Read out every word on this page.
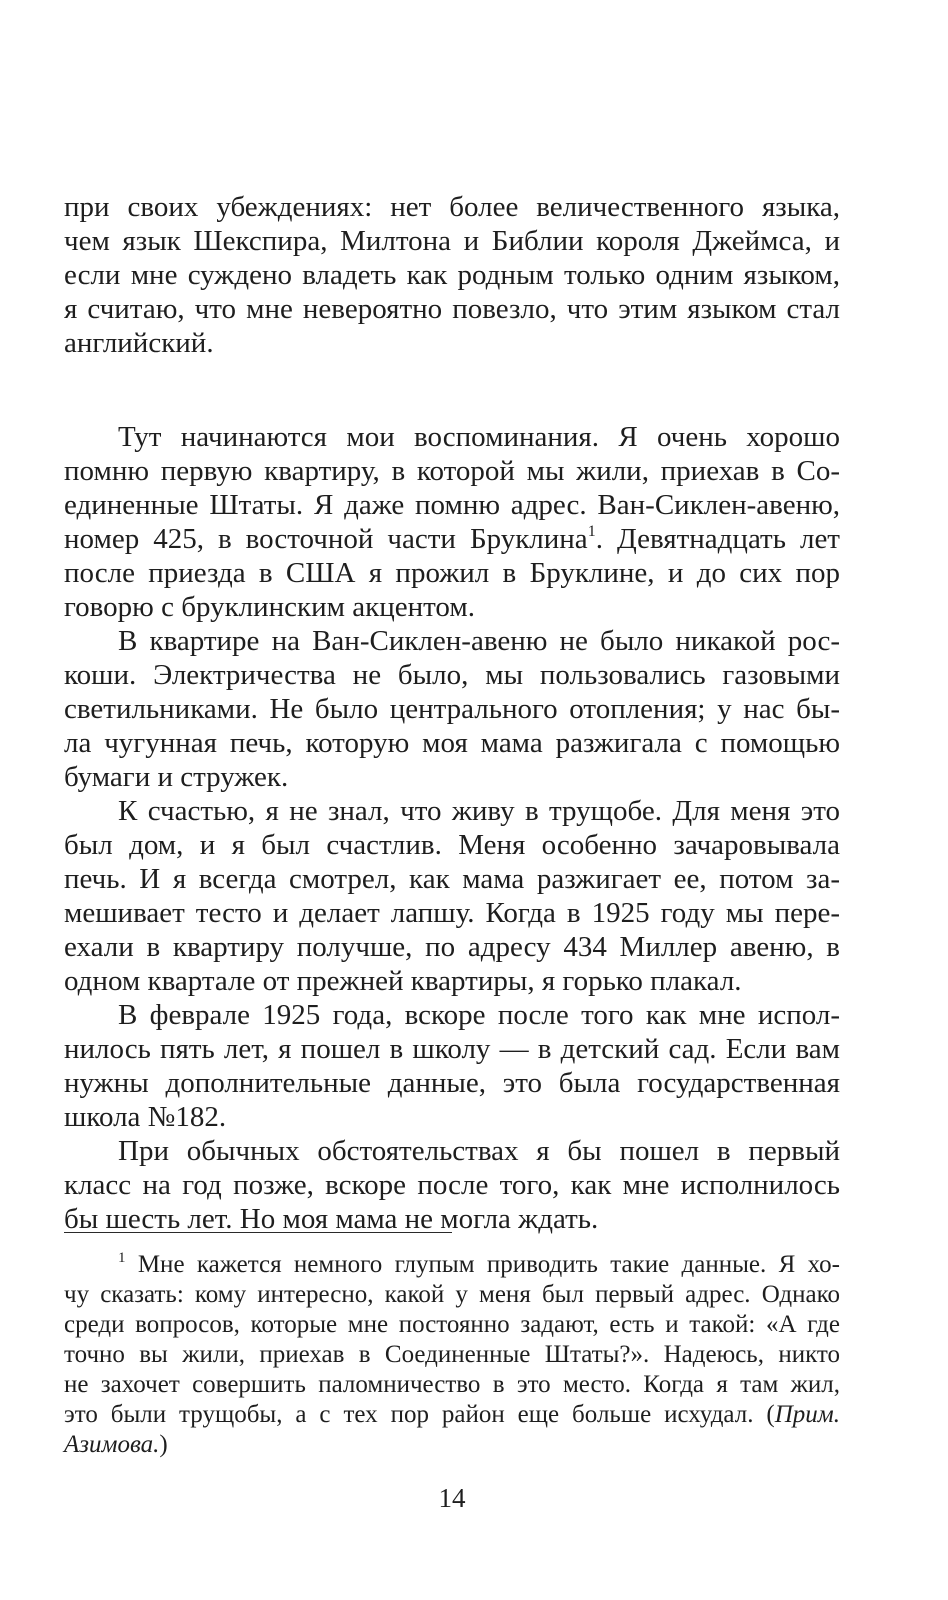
при своих убеждениях: нет более величественного языка,
чем язык Шекспира, Милтона и Библии короля Джеймса, и
если мне суждено владеть как родным только одним языком,
я считаю, что мне невероятно повезло, что этим языком стал
английский.
Тут начинаются мои воспоминания. Я очень хорошо
помню первую квартиру, в которой мы жили, приехав в Со-
единенные Штаты. Я даже помню адрес. Ван-Сиклен-авеню,
номер 425, в восточной части Бруклина$^1$. Девятнадцать лет
после приезда в США я прожил в Бруклине, и до сих пор
говорю с бруклинским акцентом.
В квартире на Ван-Сиклен-авеню не было никакой рос-
коши. Электричества не было, мы пользовались газовыми
светильниками. Не было центрального отопления; у нас бы-
ла чугунная печь, которую моя мама разжигала с помощью
бумаги и стружек.
К счастью, я не знал, что живу в трущобе. Для меня это
был дом, и я был счастлив. Меня особенно зачаровывала
печь. И я всегда смотрел, как мама разжигает ее, потом за-
мешивает тесто и делает лапшу. Когда в 1925 году мы пере-
ехали в квартиру получше, по адресу 434 Миллер авеню, в
одном квартале от прежней квартиры, я горько плакал.
В феврале 1925 года, вскоре после того как мне испол-
нилось пять лет, я пошел в школу — в детский сад. Если вам
нужны дополнительные данные, это была государственная
школа №182.
При обычных обстоятельствах я бы пошел в первый
класс на год позже, вскоре после того, как мне исполнилось
бы шесть лет. Но моя мама не могла ждать.
$^1$ Мне кажется немного глупым приводить такие данные. Я хо-
чу сказать: кому интересно, какой у меня был первый адрес. Однако
среди вопросов, которые мне постоянно задают, есть и такой: «А где
точно вы жили, приехав в Соединенные Штаты?». Надеюсь, никто
не захочет совершить паломничество в это место. Когда я там жил,
это были трущобы, а с тех пор район еще больше исхудал. (Прим.
Азимова.)
14
